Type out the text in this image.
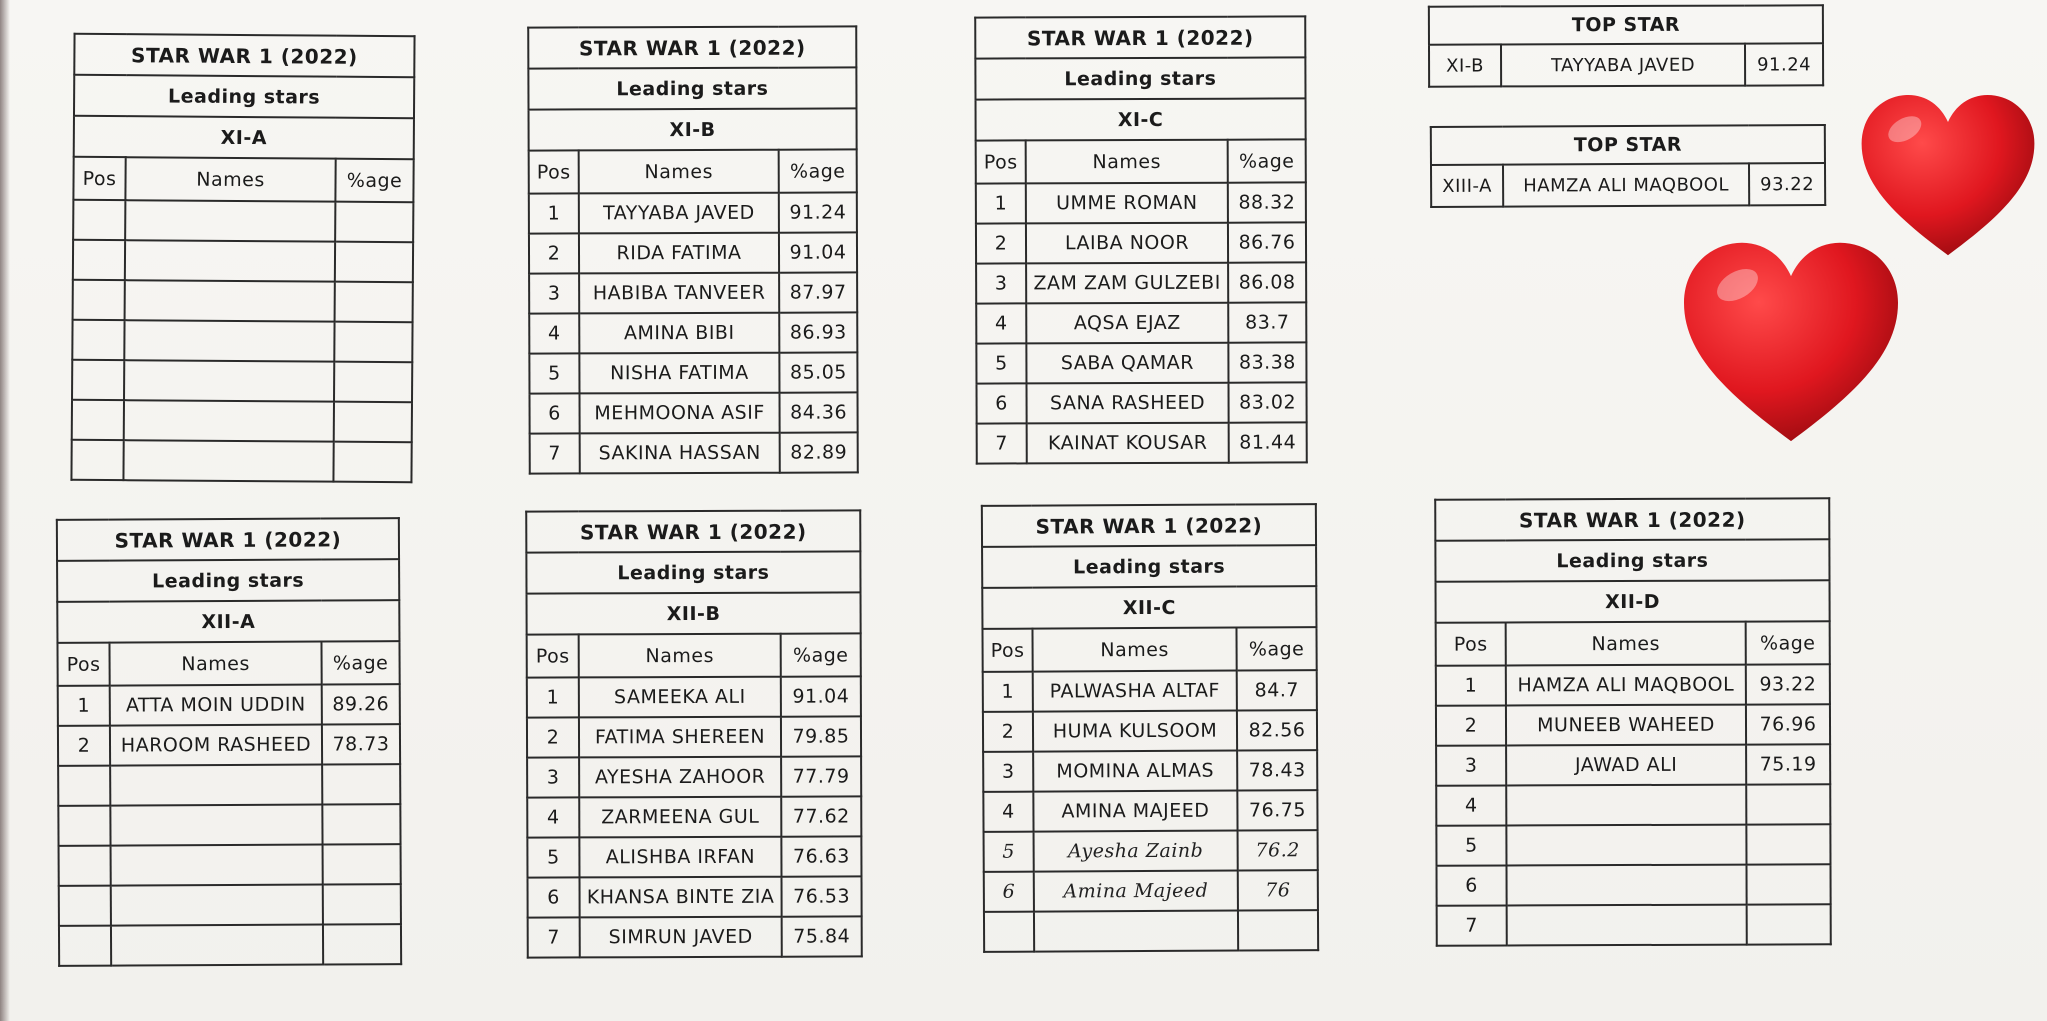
STAR WAR 1 (2022)		
Leading stars		
XI-A		
Pos	Names	%age

STAR WAR 1 (2022)		
Leading stars		
XI-B		
Pos	Names	%age
1	TAYYABA JAVED	91.24
2	RIDA FATIMA	91.04
3	HABIBA TANVEER	87.97
4	AMINA BIBI	86.93
5	NISHA FATIMA	85.05
6	MEHMOONA ASIF	84.36
7	SAKINA HASSAN	82.89
STAR WAR 1 (2022)		
Leading stars		
XI-C		
Pos	Names	%age
1	UMME ROMAN	88.32
2	LAIBA NOOR	86.76
3	ZAM ZAM GULZEBI	86.08
4	AQSA EJAZ	83.7
5	SABA QAMAR	83.38
6	SANA RASHEED	83.02
7	KAINAT KOUSAR	81.44
STAR WAR 1 (2022)		
Leading stars		
XII-A		
Pos	Names	%age
1	ATTA MOIN UDDIN	89.26
2	HAROOM RASHEED	78.73

STAR WAR 1 (2022)		
Leading stars		
XII-B		
Pos	Names	%age
1	SAMEEKA ALI	91.04
2	FATIMA SHEREEN	79.85
3	AYESHA ZAHOOR	77.79
4	ZARMEENA GUL	77.62
5	ALISHBA IRFAN	76.63
6	KHANSA BINTE ZIA	76.53
7	SIMRUN JAVED	75.84
STAR WAR 1 (2022)		
Leading stars		
XII-C		
Pos	Names	%age
1	PALWASHA ALTAF	84.7
2	HUMA KULSOOM	82.56
3	MOMINA ALMAS	78.43
4	AMINA MAJEED	76.75
5	Ayesha Zainb	76.2
6	Amina Majeed	76

STAR WAR 1 (2022)		
Leading stars		
XII-D		
Pos	Names	%age
1	HAMZA ALI MAQBOOL	93.22
2	MUNEEB WAHEED	76.96
3	JAWAD ALI	75.19
4		
5		
6		
7		
TOP STAR
XI-B	TAYYABA JAVED	91.24
TOP STAR
XIII-A	HAMZA ALI MAQBOOL	93.22
